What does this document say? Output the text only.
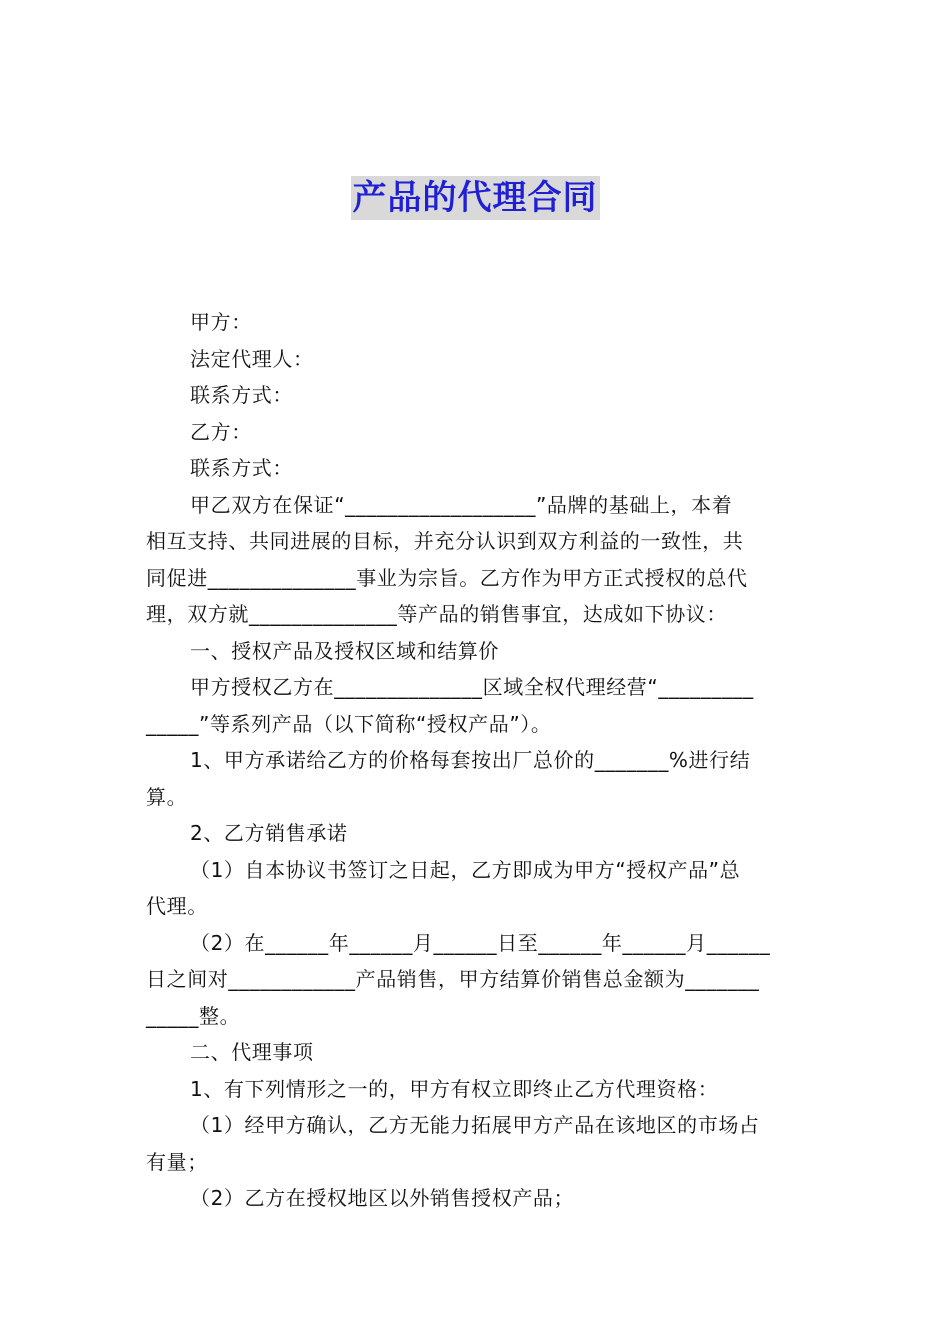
产品的代理合同
甲方：
法定代理人：
联系方式：
乙方：
联系方式：
甲乙双方在保证“__________________”品牌的基础上，本着
相互支持、共同进展的目标，并充分认识到双方利益的一致性，共
同促进______________事业为宗旨。乙方作为甲方正式授权的总代
理，双方就______________等产品的销售事宜，达成如下协议：
一、授权产品及授权区域和结算价
甲方授权乙方在______________区域全权代理经营“_________
_____”等系列产品（以下简称“授权产品”）。
1、甲方承诺给乙方的价格每套按出厂总价的_______%进行结
算。
2、乙方销售承诺
（1）自本协议书签订之日起，乙方即成为甲方“授权产品”总
代理。
（2）在______年______月______日至______年______月______
日之间对____________产品销售，甲方结算价销售总金额为_______
_____整。
二、代理事项
1、有下列情形之一的，甲方有权立即终止乙方代理资格：
（1）经甲方确认，乙方无能力拓展甲方产品在该地区的市场占
有量；
（2）乙方在授权地区以外销售授权产品；
